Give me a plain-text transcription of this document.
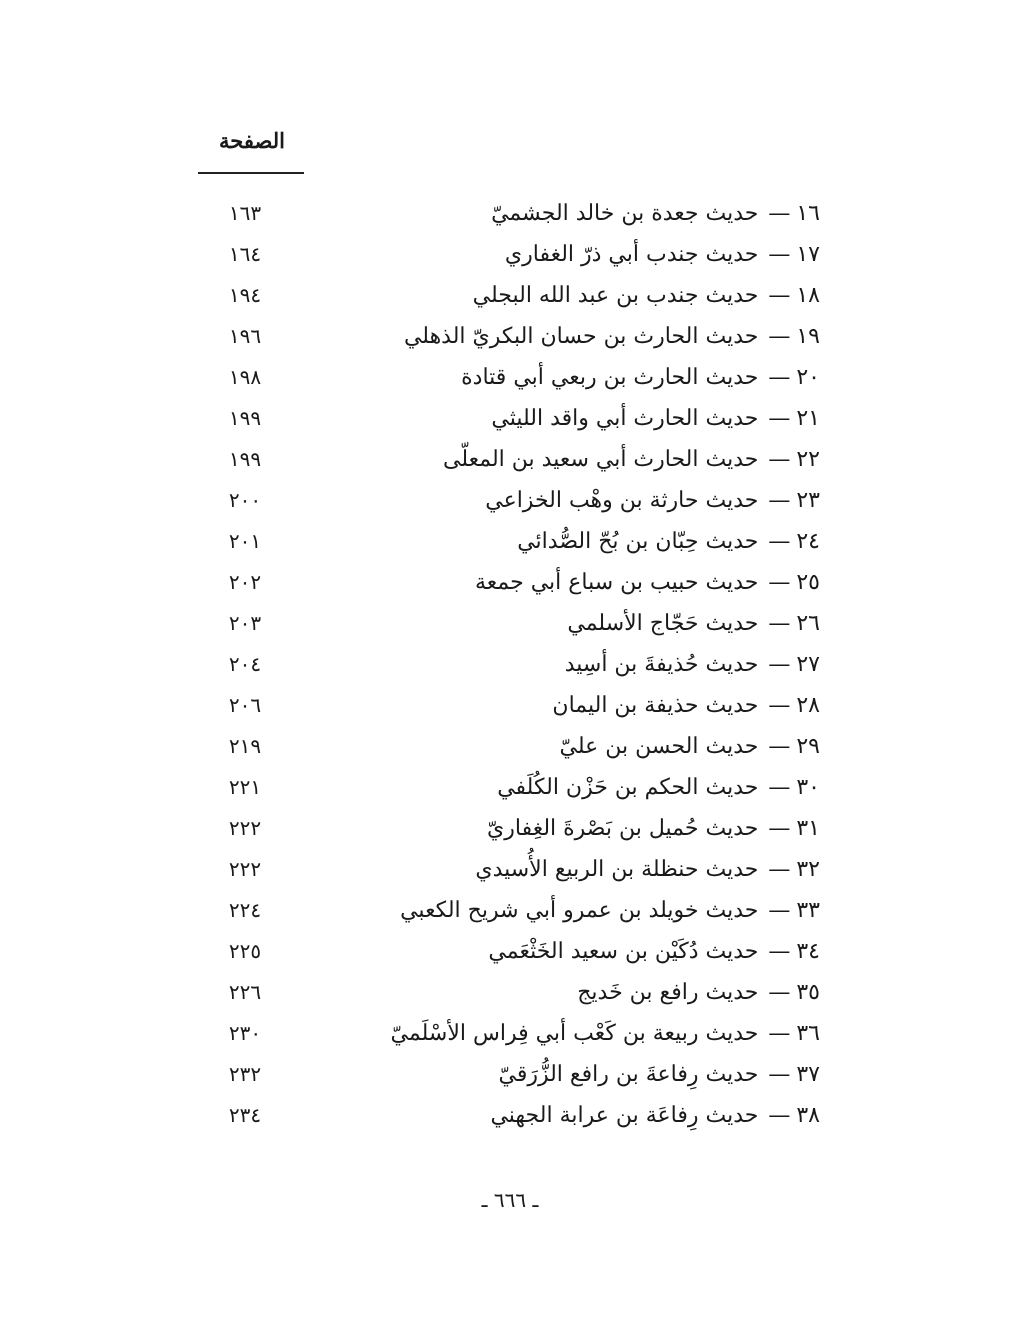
الصفحة
١٦—حديث جعدة بن خالد الجشميّ
١٦٣
١٧—حديث جندب أبي ذرّ الغفاري
١٦٤
١٨—حديث جندب بن عبد الله البجلي
١٩٤
١٩—حديث الحارث بن حسان البكريّ الذهلي
١٩٦
٢٠—حديث الحارث بن ربعي أبي قتادة
١٩٨
٢١—حديث الحارث أبي واقد الليثي
١٩٩
٢٢—حديث الحارث أبي سعيد بن المعلّى
١٩٩
٢٣—حديث حارثة بن وهْب الخزاعي
٢٠٠
٢٤—حديث حِبّان بن بُحّ الصُّدائي
٢٠١
٢٥—حديث حبيب بن سباع أبي جمعة
٢٠٢
٢٦—حديث حَجّاج الأسلمي
٢٠٣
٢٧—حديث حُذيفةَ بن أسِيد
٢٠٤
٢٨—حديث حذيفة بن اليمان
٢٠٦
٢٩—حديث الحسن بن عليّ
٢١٩
٣٠—حديث الحكم بن حَزْن الكُلَفي
٢٢١
٣١—حديث حُميل بن بَصْرةَ الغِفاريّ
٢٢٢
٣٢—حديث حنظلة بن الربيع الأُسيدي
٢٢٢
٣٣—حديث خويلد بن عمرو أبي شريح الكعبي
٢٢٤
٣٤—حديث دُكَيْن بن سعيد الخَثْعَمي
٢٢٥
٣٥—حديث رافع بن خَديج
٢٢٦
٣٦—حديث ربيعة بن كَعْب أبي فِراس الأسْلَميّ
٢٣٠
٣٧—حديث رِفاعةَ بن رافع الزُّرَقيّ
٢٣٢
٣٨—حديث رِفاعَة بن عرابة الجهني
٢٣٤
ـ ٦٦٦ ـ
